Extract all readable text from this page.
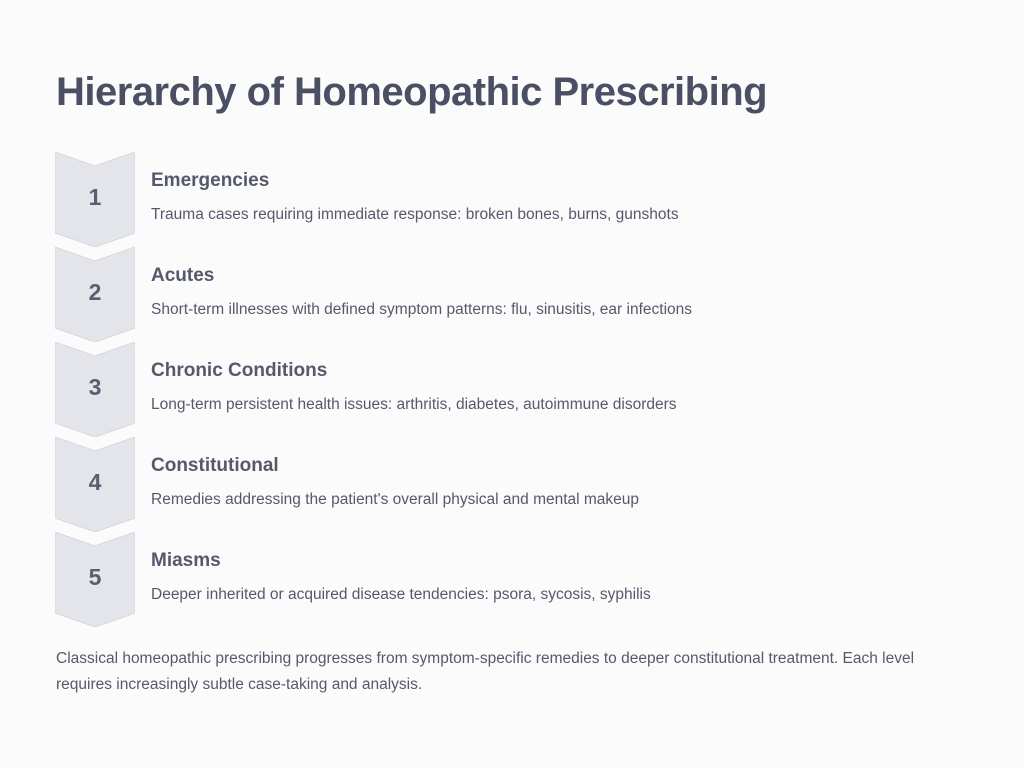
Hierarchy of Homeopathic Prescribing
1
Emergencies
Trauma cases requiring immediate response: broken bones, burns, gunshots
2
Acutes
Short-term illnesses with defined symptom patterns: flu, sinusitis, ear infections
3
Chronic Conditions
Long-term persistent health issues: arthritis, diabetes, autoimmune disorders
4
Constitutional
Remedies addressing the patient's overall physical and mental makeup
5
Miasms
Deeper inherited or acquired disease tendencies: psora, sycosis, syphilis

Classical homeopathic prescribing progresses from symptom-specific remedies to deeper constitutional treatment. Each level requires increasingly subtle case-taking and analysis.
